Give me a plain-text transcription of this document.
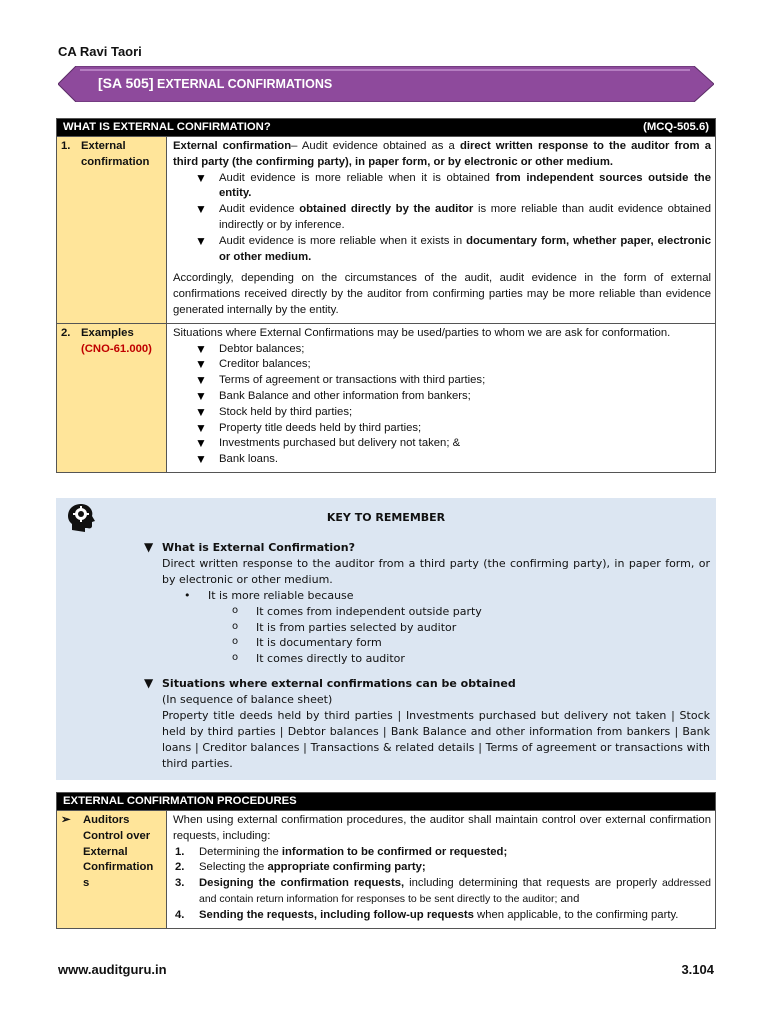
CA Ravi Taori
[SA 505] EXTERNAL CONFIRMATIONS
WHAT IS EXTERNAL CONFIRMATION?	(MCQ-505.6)
1. External confirmation
External confirmation– Audit evidence obtained as a direct written response to the auditor from a third party (the confirming party), in paper form, or by electronic or other medium.
▼ Audit evidence is more reliable when it is obtained from independent sources outside the entity.
▼ Audit evidence obtained directly by the auditor is more reliable than audit evidence obtained indirectly or by inference.
▼ Audit evidence is more reliable when it exists in documentary form, whether paper, electronic or other medium.
Accordingly, depending on the circumstances of the audit, audit evidence in the form of external confirmations received directly by the auditor from confirming parties may be more reliable than evidence generated internally by the entity.
2. Examples
(CNO-61.000)
Situations where External Confirmations may be used/parties to whom we are ask for conformation.
▼ Debtor balances;
▼ Creditor balances;
▼ Terms of agreement or transactions with third parties;
▼ Bank Balance and other information from bankers;
▼ Stock held by third parties;
▼ Property title deeds held by third parties;
▼ Investments purchased but delivery not taken; &
▼ Bank loans.
KEY TO REMEMBER
▼ What is External Confirmation?
Direct written response to the auditor from a third party (the confirming party), in paper form, or by electronic or other medium.
• It is more reliable because
o It comes from independent outside party
o It is from parties selected by auditor
o It is documentary form
o It comes directly to auditor
▼ Situations where external confirmations can be obtained
(In sequence of balance sheet)
Property title deeds held by third parties | Investments purchased but delivery not taken | Stock held by third parties | Debtor balances | Bank Balance and other information from bankers | Bank loans | Creditor balances | Transactions & related details | Terms of agreement or transactions with third parties.
EXTERNAL CONFIRMATION PROCEDURES
➢	Auditors Control over External Confirmation s
When using external confirmation procedures, the auditor shall maintain control over external confirmation requests, including:
1.	Determining the information to be confirmed or requested;
2.	Selecting the appropriate confirming party;
3.	Designing the confirmation requests, including determining that requests are properly addressed and contain return information for responses to be sent directly to the auditor; and
4.	Sending the requests, including follow-up requests when applicable, to the confirming party.
www.auditguru.in	3.104
